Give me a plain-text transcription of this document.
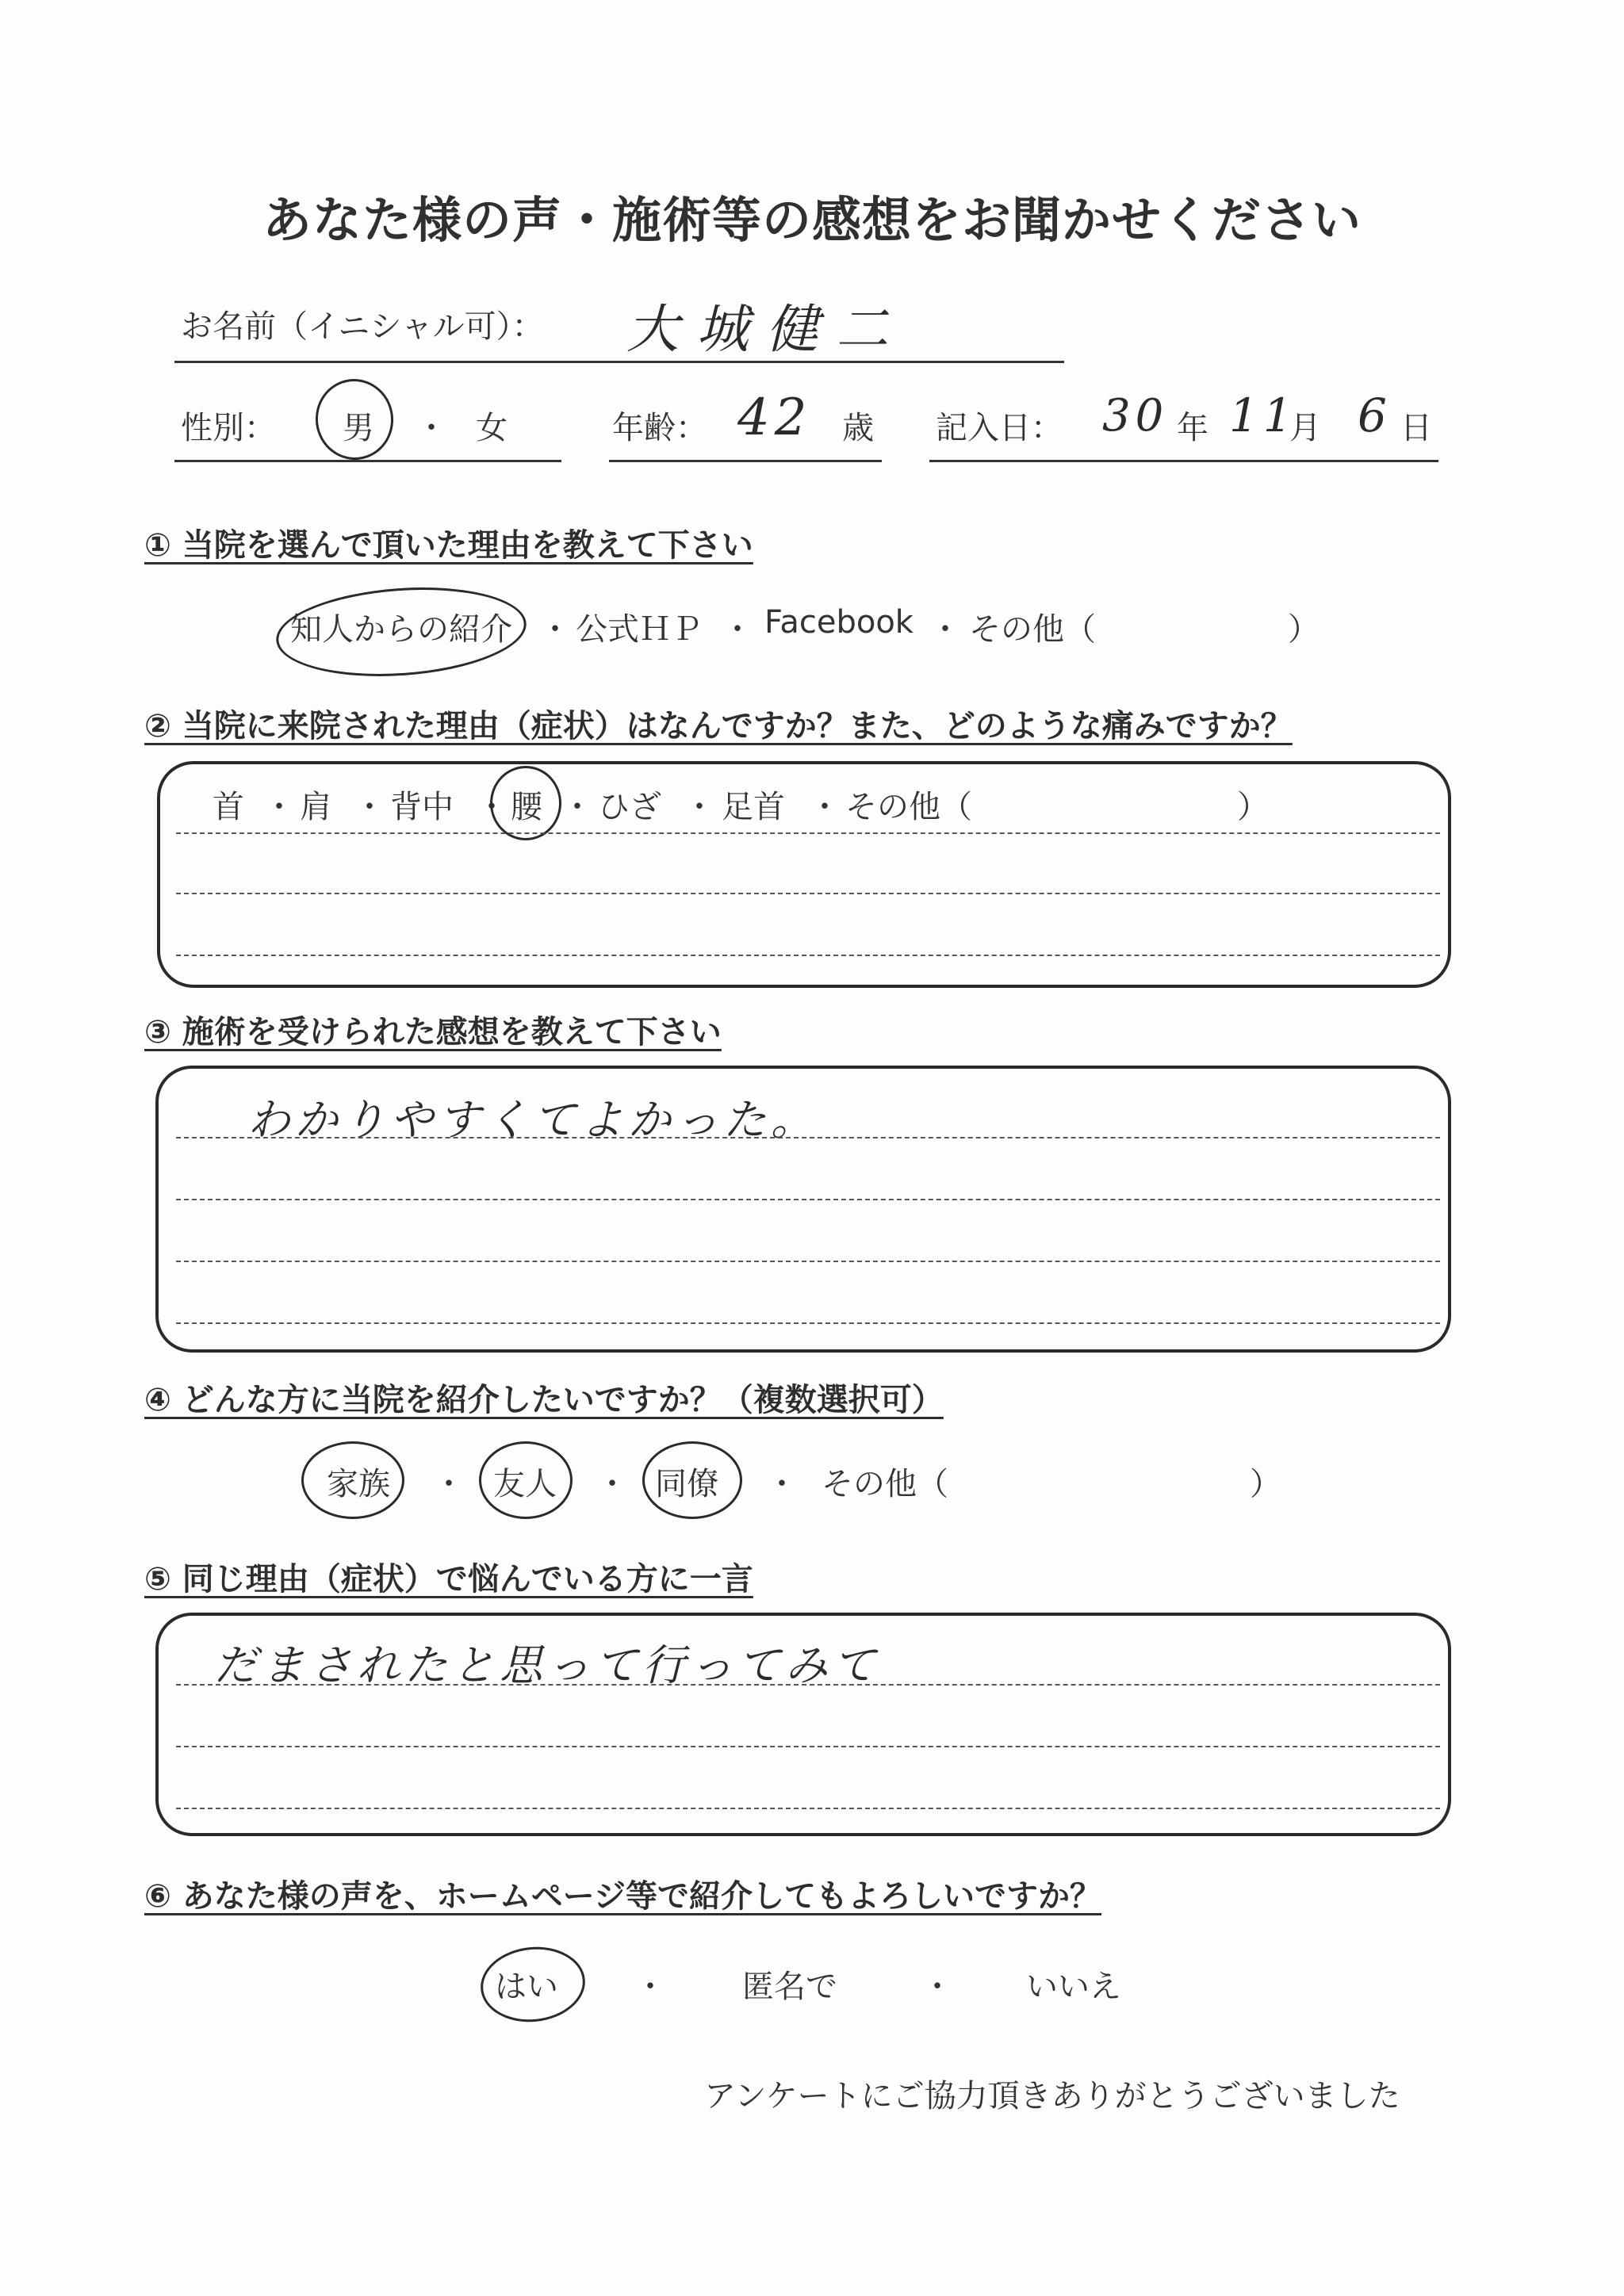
あなた様の声・施術等の感想をお聞かせください
お名前（イニシャル可）： 大城健二
性別： 男 ・ 女	年齢： 42 歳 記入日： 30 年 11
月 6 日
① 当院を選んで頂いた理由を教えて下さい
知人からの紹介 ・ 公式ＨＰ ・ Facebook ・ その他（	）
② 当院に来院された理由（症状）はなんですか？また、どのような痛みですか？
首 ・ 肩 ・ 背中 ・ 腰 ・ ひざ ・ 足首 ・ その他（	）
③ 施術を受けられた感想を教えて下さい
わかりやすくてよかった。
④ どんな方に当院を紹介したいですか？（複数選択可）
家族 ・ 友人 ・ 同僚 ・ その他（	）
⑤ 同じ理由（症状）で悩んでいる方に一言
だまされたと思って行ってみて
⑥ あなた様の声を、ホームページ等で紹介してもよろしいですか？
はい ・ 匿名で	・ いいえ
アンケートにご協力頂きありがとうございました
